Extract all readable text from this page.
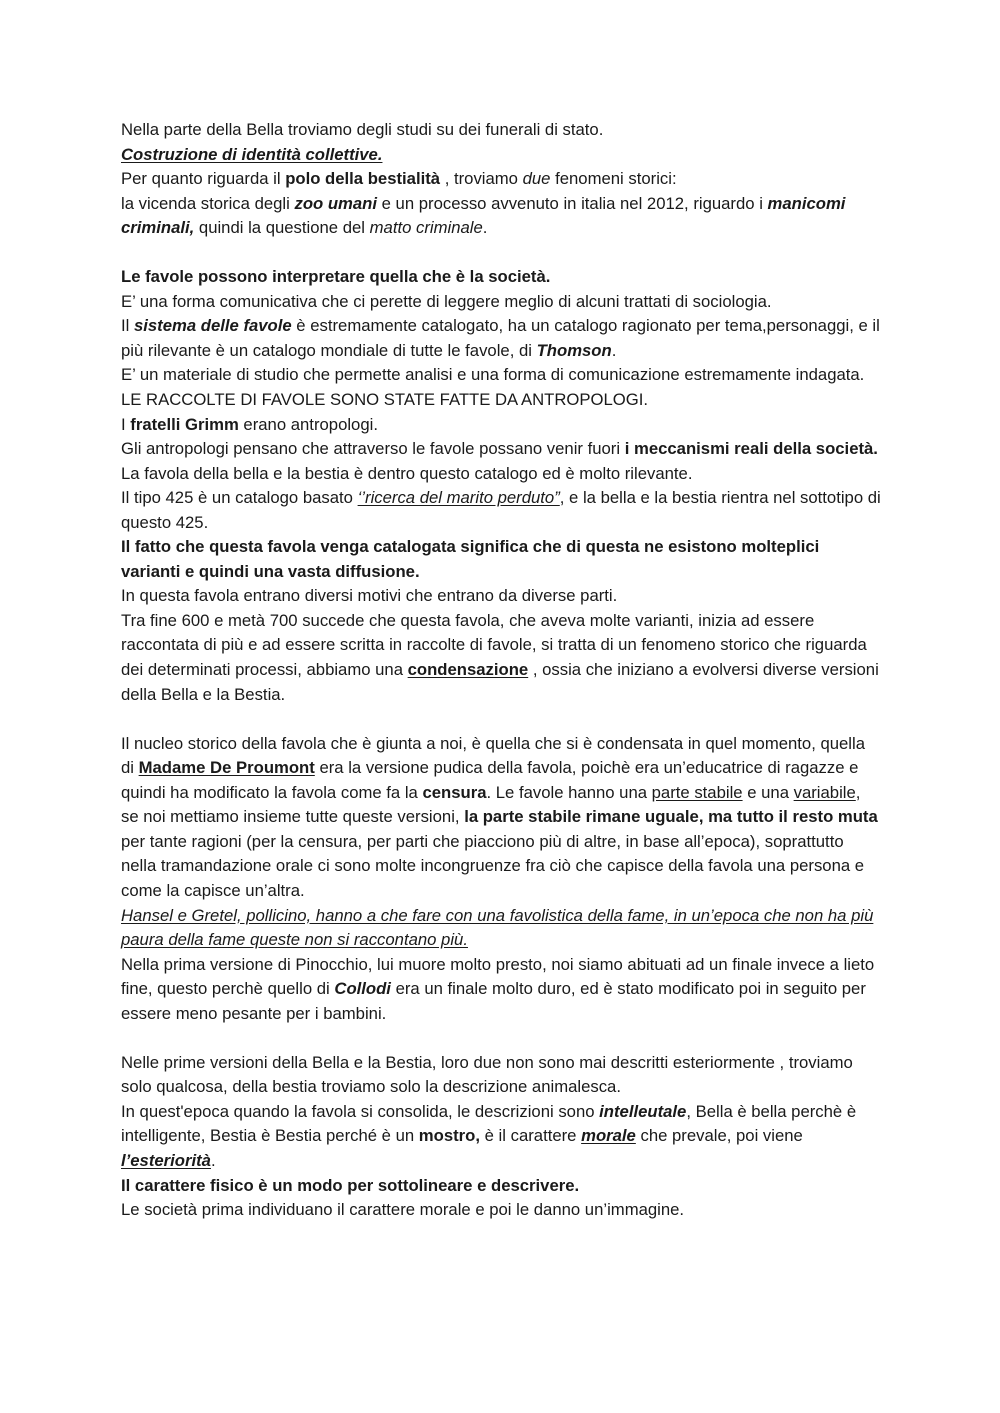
Nella parte della Bella troviamo degli studi su dei funerali di stato.

Costruzione di identità collettive.

Per quanto riguarda il polo della bestialità , troviamo due fenomeni storici:

la vicenda storica degli zoo umani e un processo avvenuto in italia nel 2012, riguardo i manicomi criminali, quindi la questione del matto criminale.

Le favole possono interpretare quella che è la società.

E’ una forma comunicativa che ci perette di leggere meglio di alcuni trattati di sociologia.

Il sistema delle favole è estremamente catalogato, ha un catalogo ragionato per tema,personaggi, e il più rilevante è un catalogo mondiale di tutte le favole, di Thomson.

E’ un materiale di studio che permette analisi e una forma di comunicazione estremamente indagata.

LE RACCOLTE DI FAVOLE SONO STATE FATTE DA ANTROPOLOGI.

I fratelli Grimm erano antropologi.

Gli antropologi pensano che attraverso le favole possano venir fuori i meccanismi reali della società.

La favola della bella e la bestia è dentro questo catalogo ed è molto rilevante.

Il tipo 425 è un catalogo basato ‘’ricerca del marito perduto”, e la bella e la bestia rientra nel sottotipo di questo 425.

Il fatto che questa favola venga catalogata significa che di questa ne esistono molteplici varianti e quindi una vasta diffusione.

In questa favola entrano diversi motivi che entrano da diverse parti.

Tra fine 600 e metà 700 succede che questa favola, che aveva molte varianti, inizia ad essere raccontata di più e ad essere scritta in raccolte di favole, si tratta di un fenomeno storico che riguarda dei determinati processi, abbiamo una condensazione , ossia che iniziano a evolversi diverse versioni della Bella e la Bestia.

Il nucleo storico della favola che è giunta a noi, è quella che si è condensata in quel momento, quella di Madame De Proumont era la versione pudica della favola, poichè era un’educatrice di ragazze e quindi ha modificato la favola come fa la censura. Le favole hanno una parte stabile e una variabile, se noi mettiamo insieme tutte queste versioni, la parte stabile rimane uguale, ma tutto il resto muta per tante ragioni (per la censura, per parti che piacciono più di altre, in base all’epoca), soprattutto nella tramandazione orale ci sono molte incongruenze fra ciò che capisce della favola una persona e come la capisce un’altra.

Hansel e Gretel, pollicino, hanno a che fare con una favolistica della fame, in un’epoca che non ha più paura della fame queste non si raccontano più.

Nella prima versione di Pinocchio, lui muore molto presto, noi siamo abituati ad un finale invece a lieto fine, questo perchè quello di Collodi era un finale molto duro, ed è stato modificato poi in seguito per essere meno pesante per i bambini.

Nelle prime versioni della Bella e la Bestia, loro due non sono mai descritti esteriormente , troviamo solo qualcosa, della bestia troviamo solo la descrizione animalesca.

In quest'epoca quando la favola si consolida, le descrizioni sono intelleutale, Bella è bella perchè è intelligente, Bestia è Bestia perché è un mostro, è il carattere morale che prevale, poi viene l’esteriorità.

Il carattere fisico è un modo per sottolineare e descrivere.

Le società prima individuano il carattere morale e poi le danno un’immagine.
